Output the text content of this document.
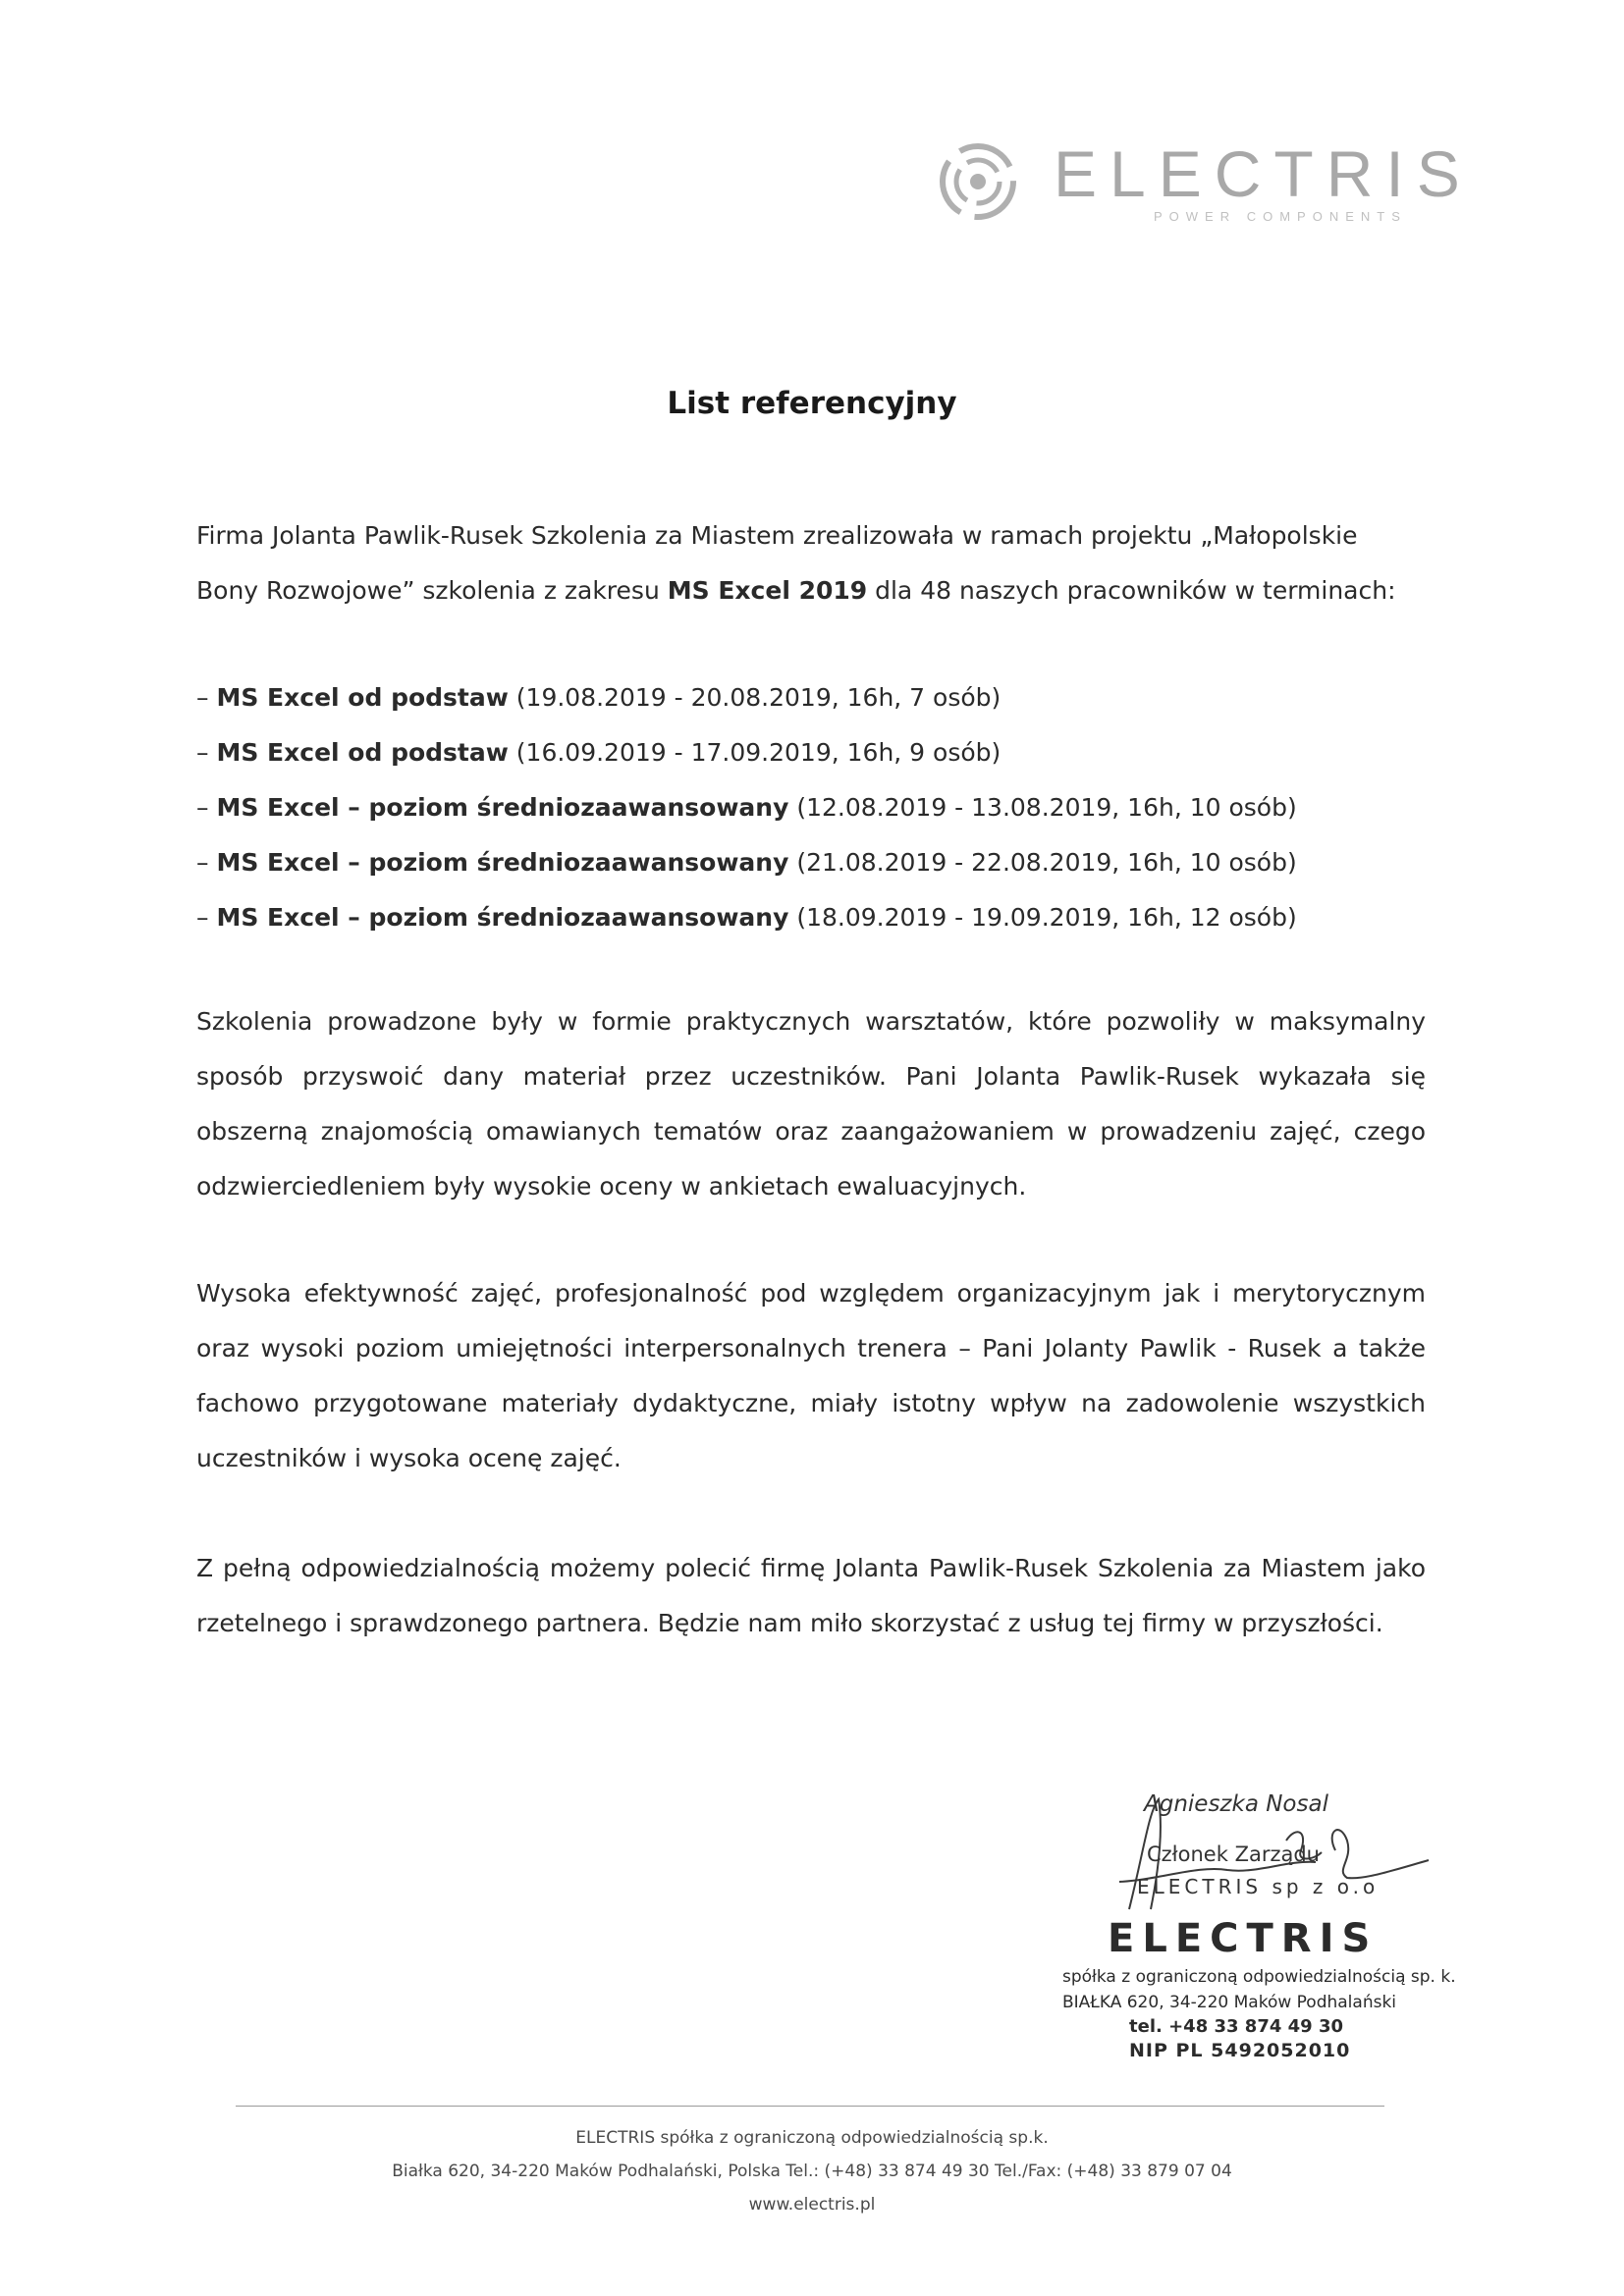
ELECTRIS
POWER COMPONENTS
List referencyjny
Firma Jolanta Pawlik-Rusek Szkolenia za Miastem zrealizowała w ramach projektu „Małopolskie Bony Rozwojowe” szkolenia z zakresu MS Excel 2019 dla 48 naszych pracowników w terminach:
– MS Excel od podstaw (19.08.2019 - 20.08.2019, 16h, 7 osób)
– MS Excel od podstaw (16.09.2019 - 17.09.2019, 16h, 9 osób)
– MS Excel – poziom średniozaawansowany (12.08.2019 - 13.08.2019, 16h, 10 osób)
– MS Excel – poziom średniozaawansowany (21.08.2019 - 22.08.2019, 16h, 10 osób)
– MS Excel – poziom średniozaawansowany (18.09.2019 - 19.09.2019, 16h, 12 osób)
Szkolenia prowadzone były w formie praktycznych warsztatów, które pozwoliły w maksymalny sposób przyswoić dany materiał przez uczestników. Pani Jolanta Pawlik-Rusek wykazała się obszerną znajomością omawianych tematów oraz zaangażowaniem w prowadzeniu zajęć, czego odzwierciedleniem były wysokie oceny w ankietach ewaluacyjnych.
Wysoka efektywność zajęć, profesjonalność pod względem organizacyjnym jak i merytorycznym oraz wysoki poziom umiejętności interpersonalnych trenera – Pani Jolanty Pawlik - Rusek a także fachowo przygotowane materiały dydaktyczne, miały istotny wpływ na zadowolenie wszystkich uczestników i wysoka ocenę zajęć.
Z pełną odpowiedzialnością możemy polecić firmę Jolanta Pawlik-Rusek Szkolenia za Miastem jako rzetelnego i sprawdzonego partnera. Będzie nam miło skorzystać z usług tej firmy w przyszłości.
Agnieszka Nosal
Członek Zarządu
ELECTRIS sp z o.o
ELECTRIS
spółka z ograniczoną odpowiedzialnością sp. k.
BIAŁKA 620, 34-220 Maków Podhalański
tel. +48 33 874 49 30
NIP PL 5492052010
ELECTRIS spółka z ograniczoną odpowiedzialnością sp.k.
Białka 620, 34-220 Maków Podhalański, Polska Tel.: (+48) 33 874 49 30 Tel./Fax: (+48) 33 879 07 04
www.electris.pl
